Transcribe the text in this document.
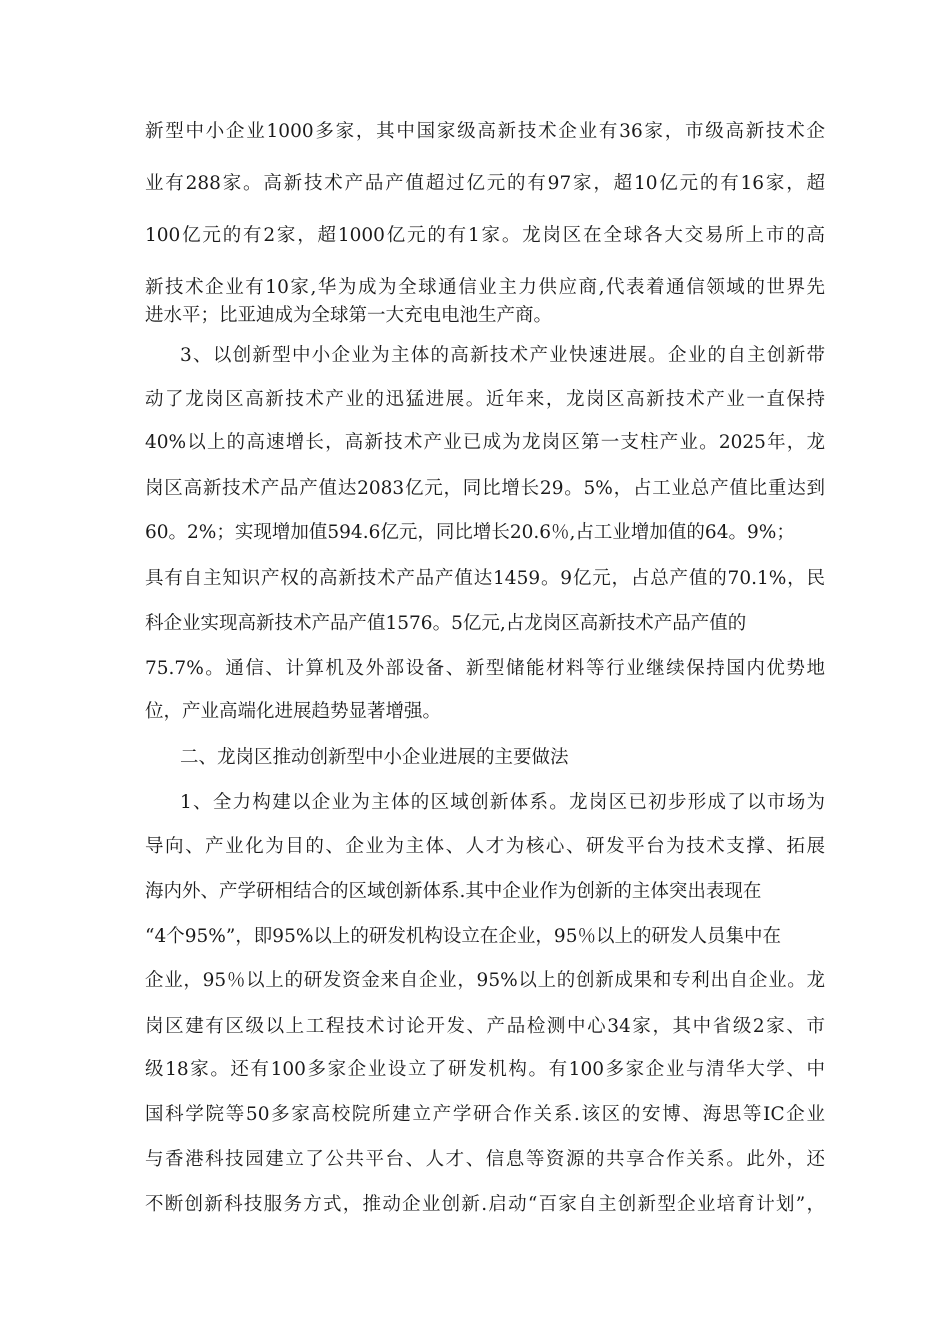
新型中小企业1000多家，其中国家级高新技术企业有36家，市级高新技术企
业有288家。高新技术产品产值超过亿元的有97家，超10亿元的有16家，超
100亿元的有2家，超1000亿元的有1家。龙岗区在全球各大交易所上市的高
新技术企业有10家,华为成为全球通信业主力供应商,代表着通信领域的世界先
进水平；比亚迪成为全球第一大充电电池生产商。
3、以创新型中小企业为主体的高新技术产业快速进展。企业的自主创新带
动了龙岗区高新技术产业的迅猛进展。近年来，龙岗区高新技术产业一直保持
40%以上的高速增长，高新技术产业已成为龙岗区第一支柱产业。2025年，龙
岗区高新技术产品产值达2083亿元，同比增长29。5%，占工业总产值比重达到
60。2%；实现增加值594.6亿元，同比增长20.6％,占工业增加值的64。9%；
具有自主知识产权的高新技术产品产值达1459。9亿元，占总产值的70.1%，民
科企业实现高新技术产品产值1576。5亿元,占龙岗区高新技术产品产值的
75.7%。通信、计算机及外部设备、新型储能材料等行业继续保持国内优势地
位，产业高端化进展趋势显著增强。
二、龙岗区推动创新型中小企业进展的主要做法
1、全力构建以企业为主体的区域创新体系。龙岗区已初步形成了以市场为
导向、产业化为目的、企业为主体、人才为核心、研发平台为技术支撑、拓展
海内外、产学研相结合的区域创新体系.其中企业作为创新的主体突出表现在
“4个95%”，即95%以上的研发机构设立在企业，95％以上的研发人员集中在
企业，95％以上的研发资金来自企业，95%以上的创新成果和专利出自企业。龙
岗区建有区级以上工程技术讨论开发、产品检测中心34家，其中省级2家、市
级18家。还有100多家企业设立了研发机构。有100多家企业与清华大学、中
国科学院等50多家高校院所建立产学研合作关系.该区的安博、海思等IC企业
与香港科技园建立了公共平台、人才、信息等资源的共享合作关系。此外，还
不断创新科技服务方式，推动企业创新.启动“百家自主创新型企业培育计划”，
